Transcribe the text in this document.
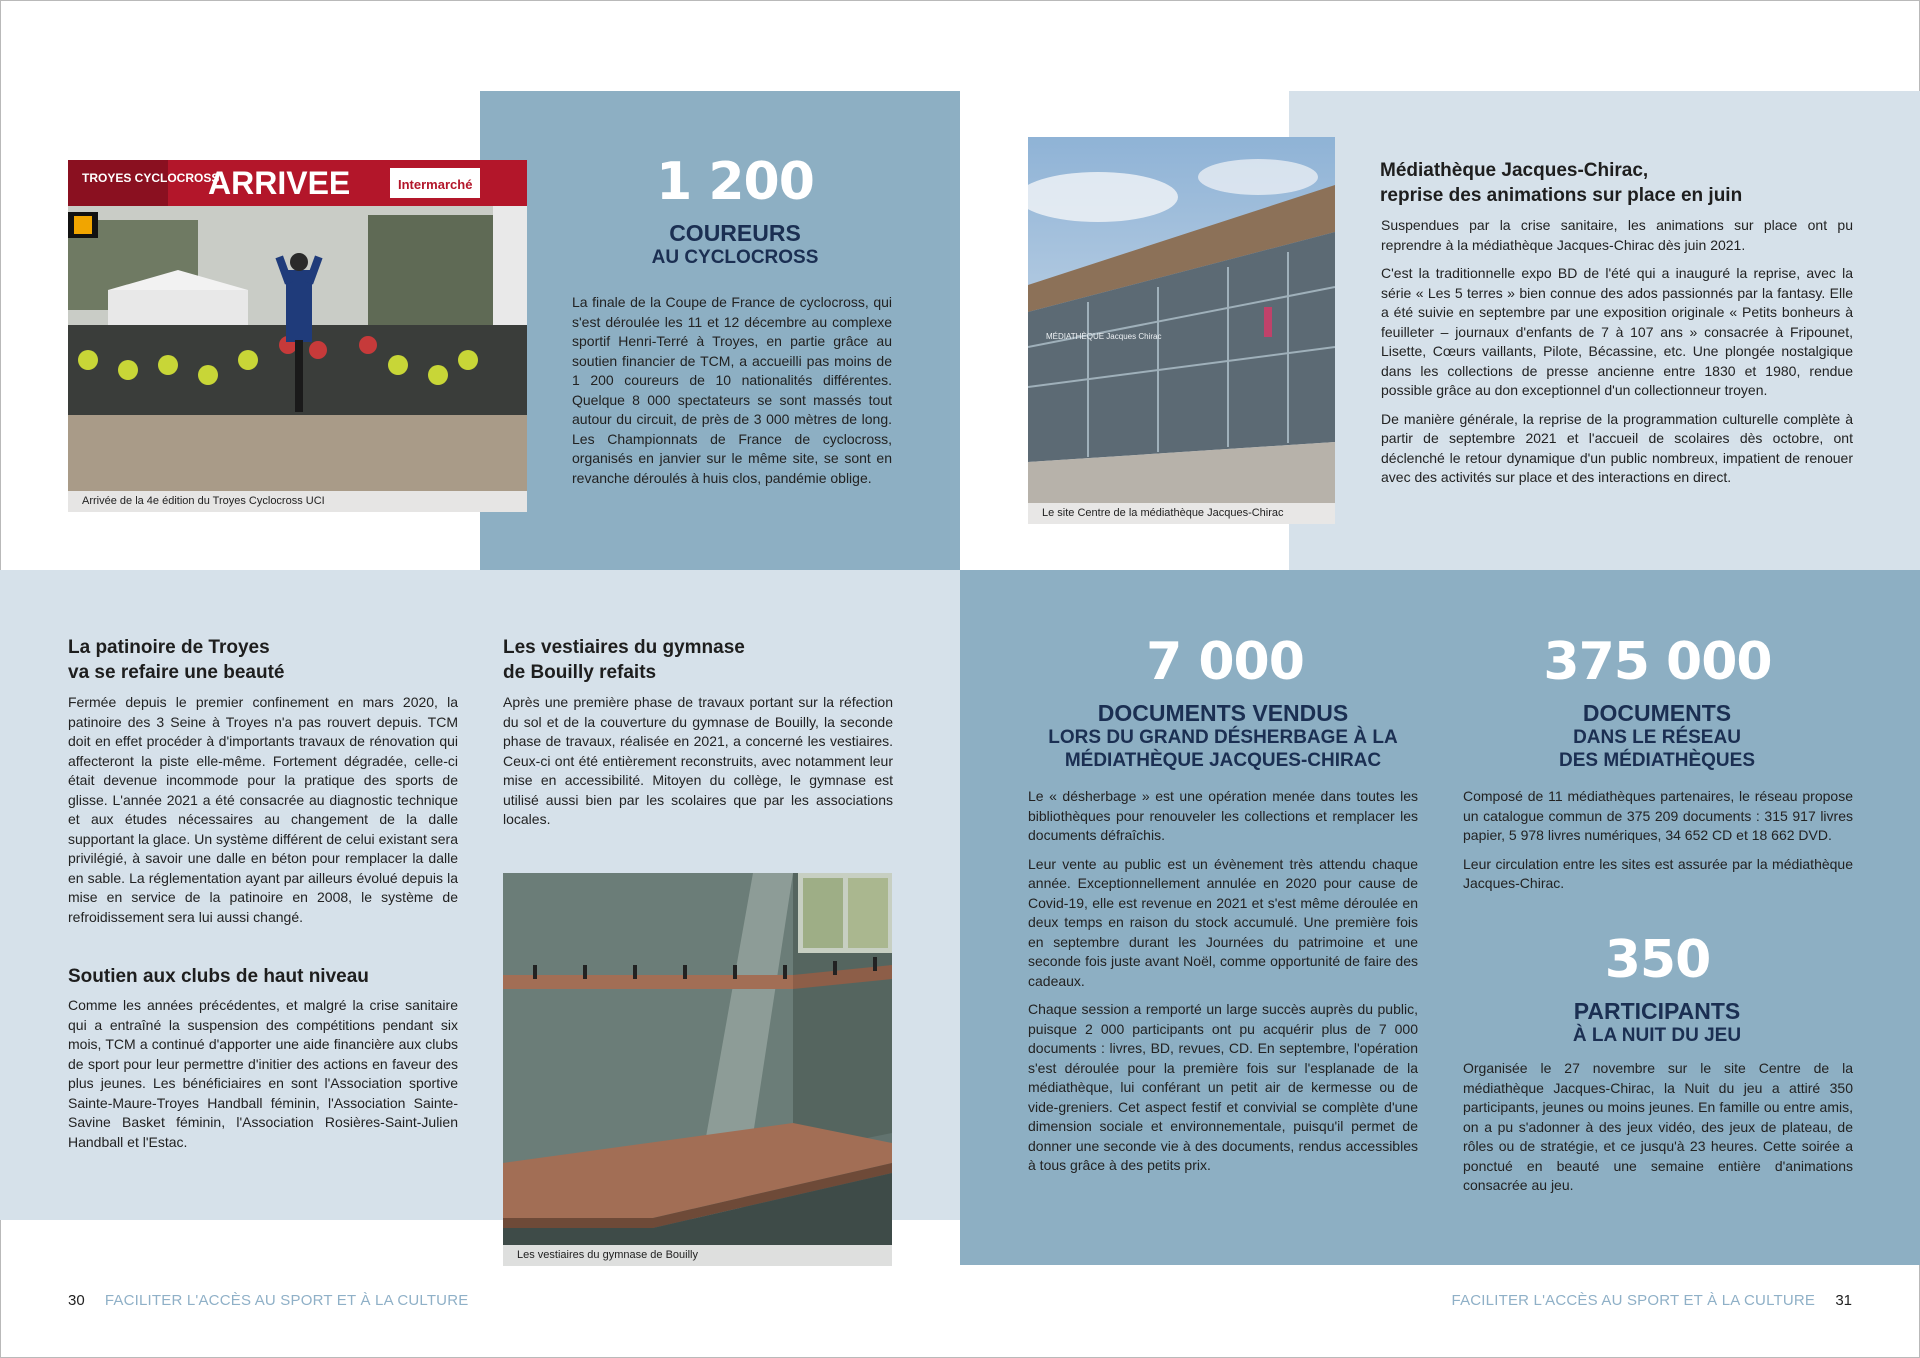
TROYES CYCLOCROSS
ARRIVEE	Intermarché
Arrivée de la 4e édition du Troyes Cyclocross UCI
1 200
COUREURS
AU CYCLOCROSS

La finale de la Coupe de France de cyclocross, qui s'est déroulée les 11 et 12 décembre au complexe sportif Henri-Terré à Troyes, en partie grâce au soutien financier de TCM, a accueilli pas moins de 1 200 coureurs de 10 nationalités différentes. Quelque 8 000 spectateurs se sont massés tout autour du circuit, de près de 3 000 mètres de long. Les Championnats de France de cyclocross, organisés en janvier sur le même site, se sont en revanche déroulés à huis clos, pandémie oblige.

MÉDIATHÈQUE Jacques Chirac
Le site Centre de la médiathèque Jacques-Chirac
Médiathèque Jacques-Chirac,
reprise des animations sur place en juin

Suspendues par la crise sanitaire, les animations sur place ont pu reprendre à la médiathèque Jacques-Chirac dès juin 2021.

C'est la traditionnelle expo BD de l'été qui a inauguré la reprise, avec la série « Les 5 terres » bien connue des ados passionnés par la fantasy. Elle a été suivie en septembre par une exposition originale « Petits bonheurs à feuilleter – journaux d'enfants de 7 à 107 ans » consacrée à Fripounet, Lisette, Cœurs vaillants, Pilote, Bécassine, etc. Une plongée nostalgique dans les collections de presse ancienne entre 1830 et 1980, rendue possible grâce au don exceptionnel d'un collectionneur troyen.

De manière générale, la reprise de la programmation culturelle complète à partir de septembre 2021 et l'accueil de scolaires dès octobre, ont déclenché le retour dynamique d'un public nombreux, impatient de renouer avec des activités sur place et des interactions en direct.

La patinoire de Troyes
va se refaire une beauté

Fermée depuis le premier confinement en mars 2020, la patinoire des 3 Seine à Troyes n'a pas rouvert depuis. TCM doit en effet procéder à d'importants travaux de rénovation qui affecteront la piste elle-même. Fortement dégradée, celle-ci était devenue incommode pour la pratique des sports de glisse. L'année 2021 a été consacrée au diagnostic technique et aux études nécessaires au changement de la dalle supportant la glace. Un système différent de celui existant sera privilégié, à savoir une dalle en béton pour remplacer la dalle en sable. La réglementation ayant par ailleurs évolué depuis la mise en service de la patinoire en 2008, le système de refroidissement sera lui aussi changé.

Soutien aux clubs de haut niveau

Comme les années précédentes, et malgré la crise sanitaire qui a entraîné la suspension des compétitions pendant six mois, TCM a continué d'apporter une aide financière aux clubs de sport pour leur permettre d'initier des actions en faveur des plus jeunes. Les bénéficiaires en sont l'Association sportive Sainte-Maure-Troyes Handball féminin, l'Association Sainte-Savine Basket féminin, l'Association Rosières-Saint-Julien Handball et l'Estac.

Les vestiaires du gymnase
de Bouilly refaits

Après une première phase de travaux portant sur la réfection du sol et de la couverture du gymnase de Bouilly, la seconde phase de travaux, réalisée en 2021, a concerné les vestiaires. Ceux-ci ont été entièrement reconstruits, avec notamment leur mise en accessibilité. Mitoyen du collège, le gymnase est utilisé aussi bien par les scolaires que par les associations locales.

Les vestiaires du gymnase de Bouilly
7 000
DOCUMENTS VENDUS
LORS DU GRAND DÉSHERBAGE À LA
MÉDIATHÈQUE JACQUES-CHIRAC

Le « désherbage » est une opération menée dans toutes les bibliothèques pour renouveler les collections et remplacer les documents défraîchis.

Leur vente au public est un évènement très attendu chaque année. Exceptionnellement annulée en 2020 pour cause de Covid-19, elle est revenue en 2021 et s'est même déroulée en deux temps en raison du stock accumulé. Une première fois en septembre durant les Journées du patrimoine et une seconde fois juste avant Noël, comme opportunité de faire des cadeaux.

Chaque session a remporté un large succès auprès du public, puisque 2 000 participants ont pu acquérir plus de 7 000 documents : livres, BD, revues, CD. En septembre, l'opération s'est déroulée pour la première fois sur l'esplanade de la médiathèque, lui conférant un petit air de kermesse ou de vide-greniers. Cet aspect festif et convivial se complète d'une dimension sociale et environnementale, puisqu'il permet de donner une seconde vie à des documents, rendus accessibles à tous grâce à des petits prix.

375 000
DOCUMENTS
DANS LE RÉSEAU
DES MÉDIATHÈQUES

Composé de 11 médiathèques partenaires, le réseau propose un catalogue commun de 375 209 documents : 315 917 livres papier, 5 978 livres numériques, 34 652 CD et 18 662 DVD.

Leur circulation entre les sites est assurée par la médiathèque Jacques-Chirac.

350
PARTICIPANTS
À LA NUIT DU JEU

Organisée le 27 novembre sur le site Centre de la médiathèque Jacques-Chirac, la Nuit du jeu a attiré 350 participants, jeunes ou moins jeunes. En famille ou entre amis, on a pu s'adonner à des jeux vidéo, des jeux de plateau, de rôles ou de stratégie, et ce jusqu'à 23 heures. Cette soirée a ponctué en beauté une semaine entière d'animations consacrée au jeu.

30 FACILITER L'ACCÈS AU SPORT ET À LA CULTURE	FACILITER L'ACCÈS AU SPORT ET À LA CULTURE 31
